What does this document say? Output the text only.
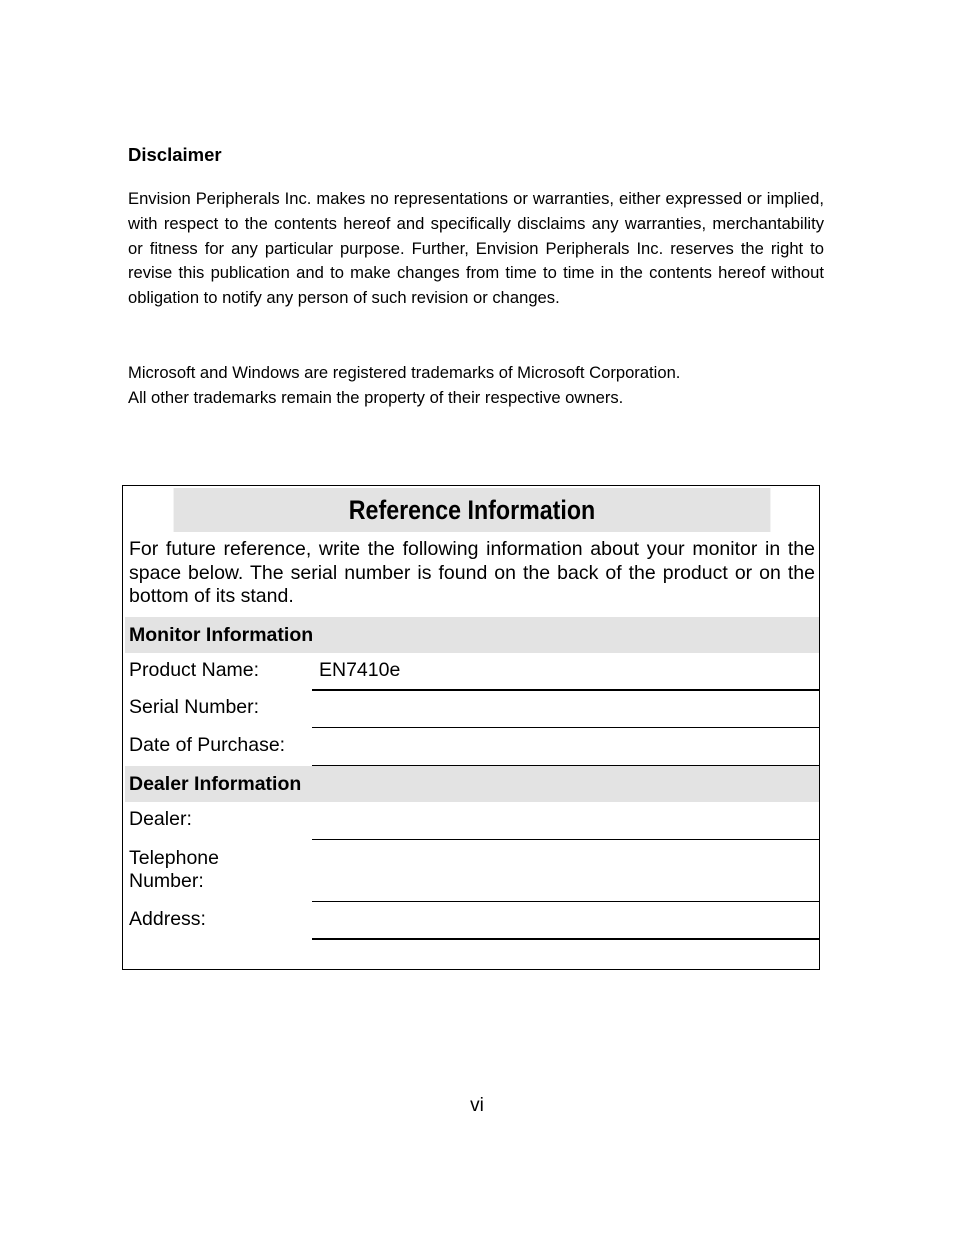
Disclaimer

Envision Peripherals Inc. makes no representations or warranties, either expressed or implied, with respect to the contents hereof and specifically disclaims any warranties, merchantability or fitness for any particular purpose. Further, Envision Peripherals Inc. reserves the right to revise this publication and to make changes from time to time in the contents hereof without obligation to notify any person of such revision or changes.

Microsoft and Windows are registered trademarks of Microsoft Corporation.

All other trademarks remain the property of their respective owners.

Reference Information

For future reference, write the following information about your monitor in the space below. The serial number is found on the back of the product or on the bottom of its stand.

Monitor Information
Product Name:	EN7410e
Serial Number:
Date of Purchase:
Dealer Information
Dealer:
Telephone
Number:
Address:
vi
